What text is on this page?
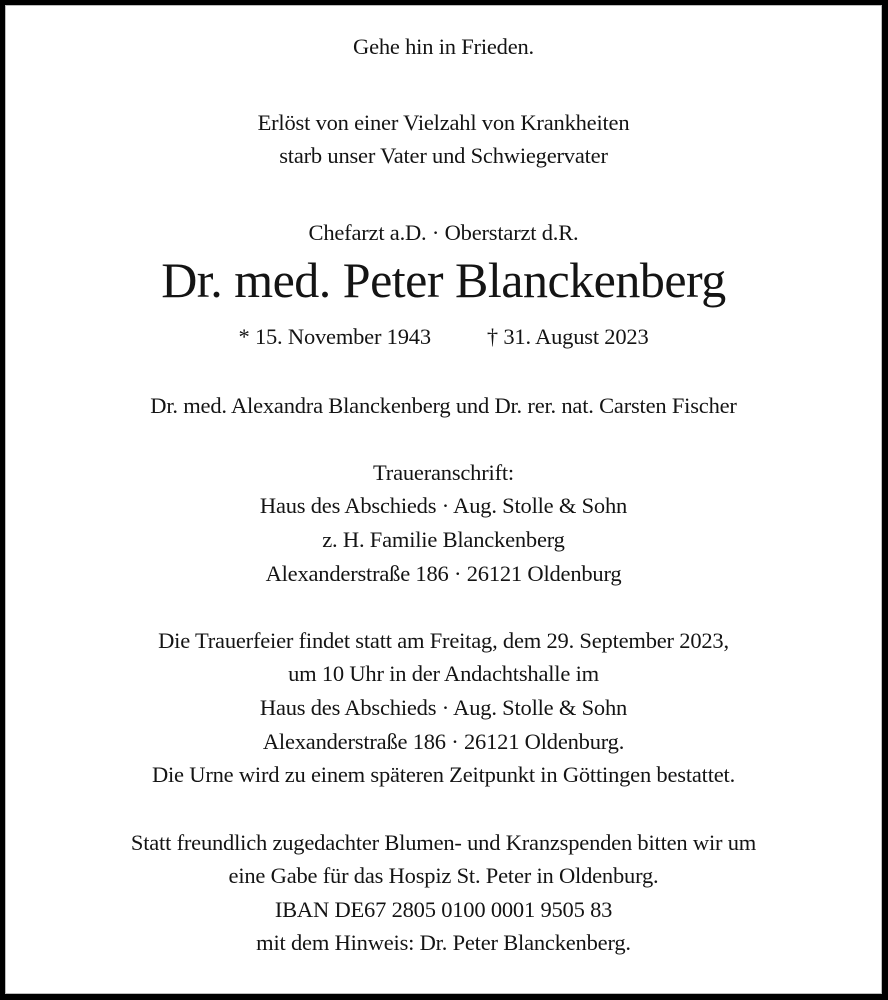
Gehe hin in Frieden.
Erlöst von einer Vielzahl von Krankheiten
starb unser Vater und Schwiegervater
Chefarzt a.D. · Oberstarzt d.R.
Dr. med. Peter Blanckenberg
* 15. November 1943 † 31. August 2023
Dr. med. Alexandra Blanckenberg und Dr. rer. nat. Carsten Fischer
Traueranschrift:
Haus des Abschieds · Aug. Stolle & Sohn
z. H. Familie Blanckenberg
Alexanderstraße 186 · 26121 Oldenburg
Die Trauerfeier findet statt am Freitag, dem 29. September 2023,
um 10 Uhr in der Andachtshalle im
Haus des Abschieds · Aug. Stolle & Sohn
Alexanderstraße 186 · 26121 Oldenburg.
Die Urne wird zu einem späteren Zeitpunkt in Göttingen bestattet.
Statt freundlich zugedachter Blumen- und Kranzspenden bitten wir um
eine Gabe für das Hospiz St. Peter in Oldenburg.
IBAN DE67 2805 0100 0001 9505 83
mit dem Hinweis: Dr. Peter Blanckenberg.
